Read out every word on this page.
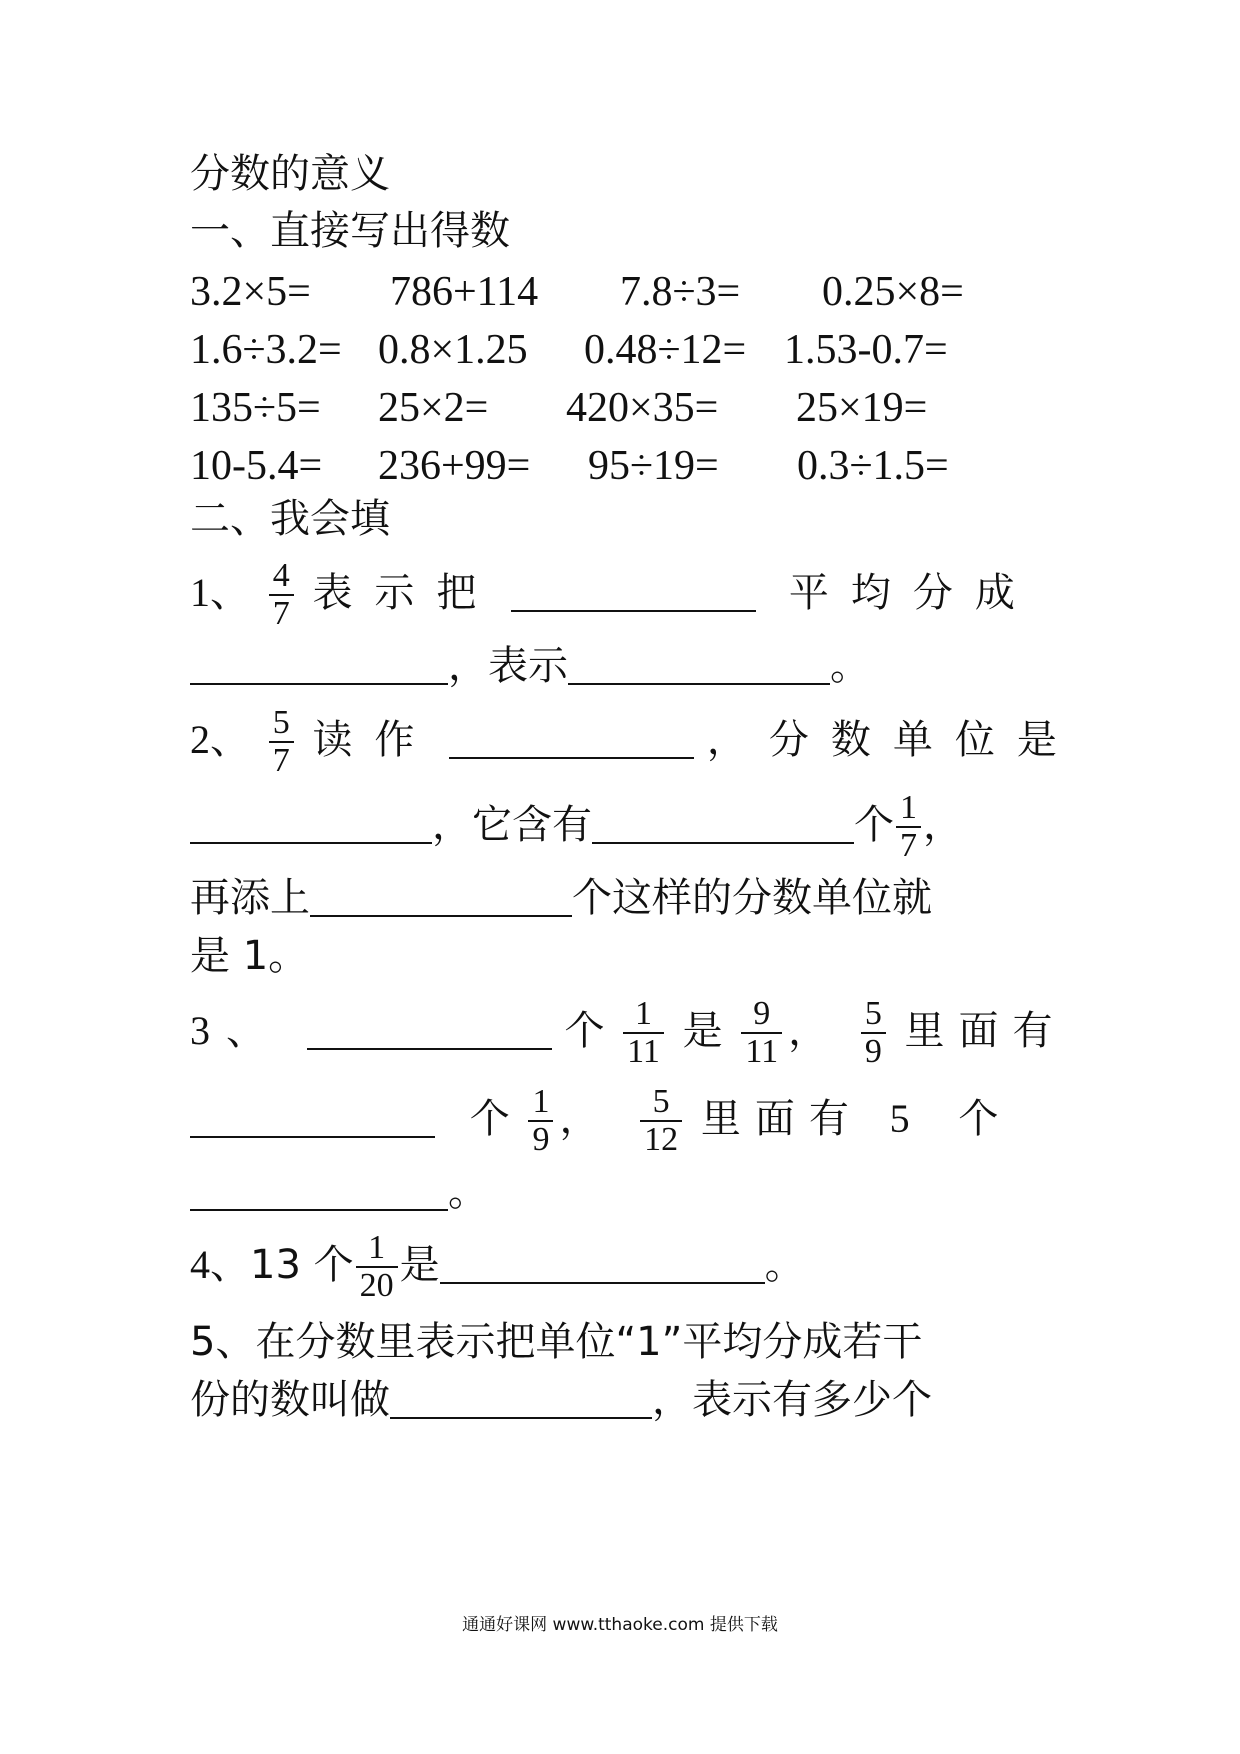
分数的意义
一、直接写出得数
3.2×5= 786+114 7.8÷3= 0.25×8=
1.6÷3.2= 0.8×1.25 0.48÷12= 1.53-0.7=
135÷5= 25×2= 420×35= 25×19=
10-5.4= 236+99= 95÷19= 0.3÷1.5=
二、我会填
1、 $\frac{4}{7}$ 表示把	平均分成
，表示	。
2、 $\frac{5}{7}$ 读作	，分数单位是
，它含有	个 $\frac{1}{7}$ ，
再添上	个这样的分数单位就
是 1。
3、	个 $\frac{1}{11}$ 是 $\frac{9}{11}$ ， $\frac{5}{9}$ 里面有
个 $\frac{1}{9}$ ， $\frac{5}{12}$ 里面有 5 个
。
4、13 个 $\frac{1}{20}$ 是	。
5、在分数里表示把单位“1”平均分成若干
份的数叫做	，表示有多少个
通通好课网 www.tthaoke.com 提供下载
